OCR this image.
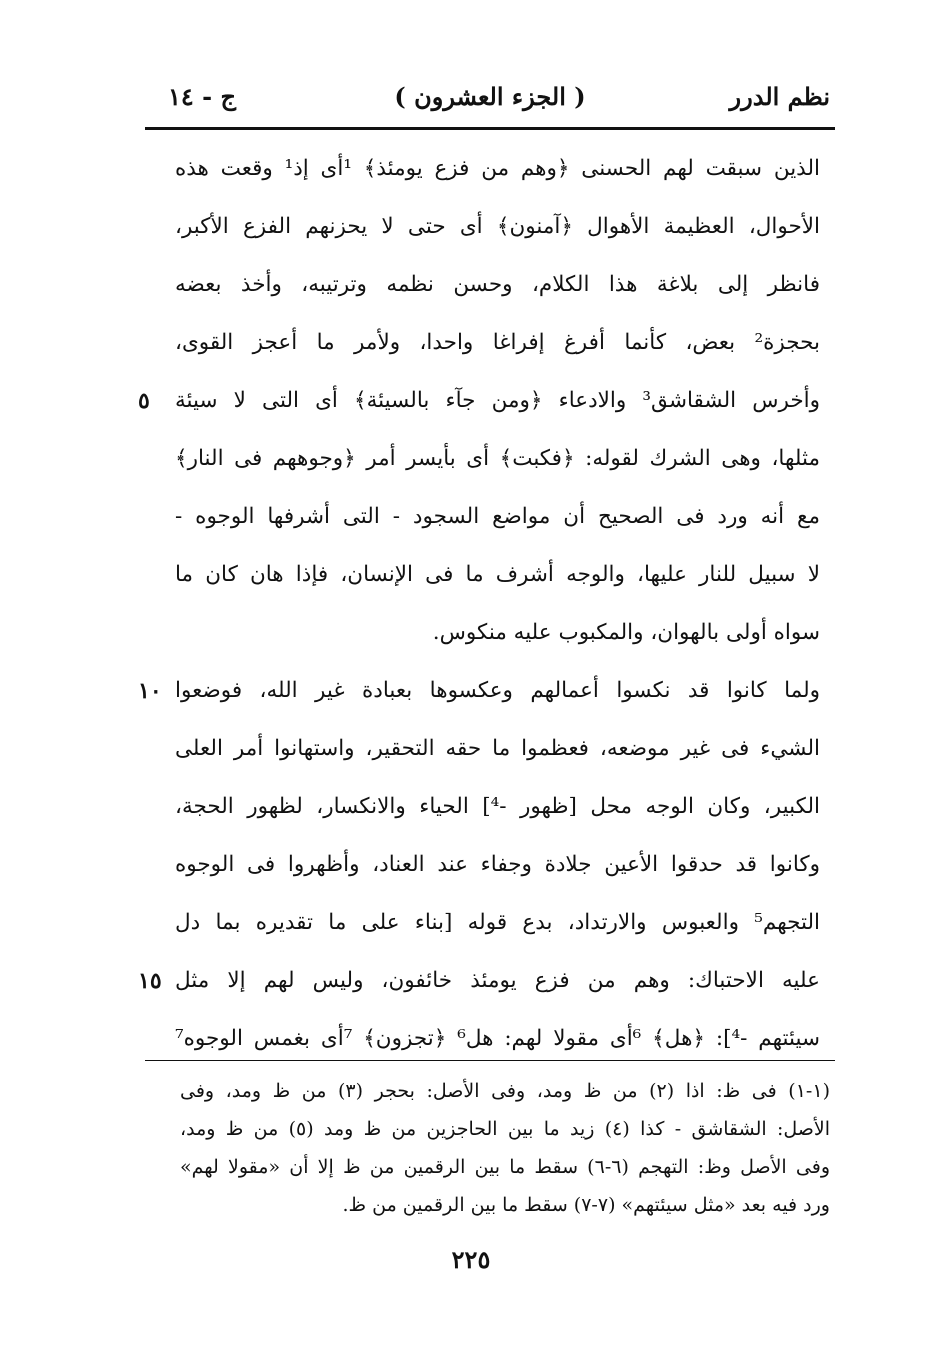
نظم الدرر
( الجزء العشرون )
ج - ١٤
الذين سبقت لهم الحسنى ﴿وهم من فزع يومئذ﴾ ¹أى إذ¹ وقعت هذه
الأحوال، العظيمة الأهوال ﴿آمنون﴾ أى حتى لا يحزنهم الفزع الأكبر،
فانظر إلى بلاغة هذا الكلام، وحسن نظمه وترتيبه، وأخذ بعضه
بحجزة² بعض، كأنما أفرغ إفراغا واحدا، ولأمر ما أعجز القوى،
وأخرس الشقاشق³ والادعاء ﴿ومن جآء بالسيئة﴾ أى التى لا سيئة
مثلها، وهى الشرك لقوله: ﴿فكبت﴾ أى بأيسر أمر ﴿وجوههم فى النار﴾
مع أنه ورد فى الصحيح أن مواضع السجود - التى أشرفها الوجوه -
لا سبيل للنار عليها، والوجه أشرف ما فى الإنسان، فإذا هان كان ما
سواه أولى بالهوان، والمكبوب عليه منكوس.
ولما كانوا قد نكسوا أعمالهم وعكسوها بعبادة غير الله، فوضعوا
الشيء فى غير موضعه، فعظموا ما حقه التحقير، واستهانوا أمر العلى
الكبير، وكان الوجه محل [ظهور -⁴] الحياء والانكسار، لظهور الحجة،
وكانوا قد حدقوا الأعين جلادة وجفاء عند العناد، وأظهروا فى الوجوه
التجهم⁵ والعبوس والارتداد، بدع قوله [بناء على ما تقديره بما دل
عليه الاحتباك: وهم من فزع يومئذ خائفون، وليس لهم إلا مثل
سيئتهم -⁴]: ﴿هل﴾ ⁶أى مقولا لهم: هل⁶ ﴿تجزون﴾ ⁷أى بغمس الوجوه⁷
٥
١٠
١٥
(١-١) فى ظ: اذا (٢) من ظ ومد، وفى الأصل: بحجر (٣) من ظ ومد، وفى
الأصل: الشقاشق - كذا (٤) زيد ما بين الحاجزين من ظ ومد (٥) من ظ ومد،
وفى الأصل وظ: التهجم (٦-٦) سقط ما بين الرقمين من ظ إلا أن «مقولا لهم»
ورد فيه بعد «مثل سيئتهم» (٧-٧) سقط ما بين الرقمين من ظ.
٢٢٥
